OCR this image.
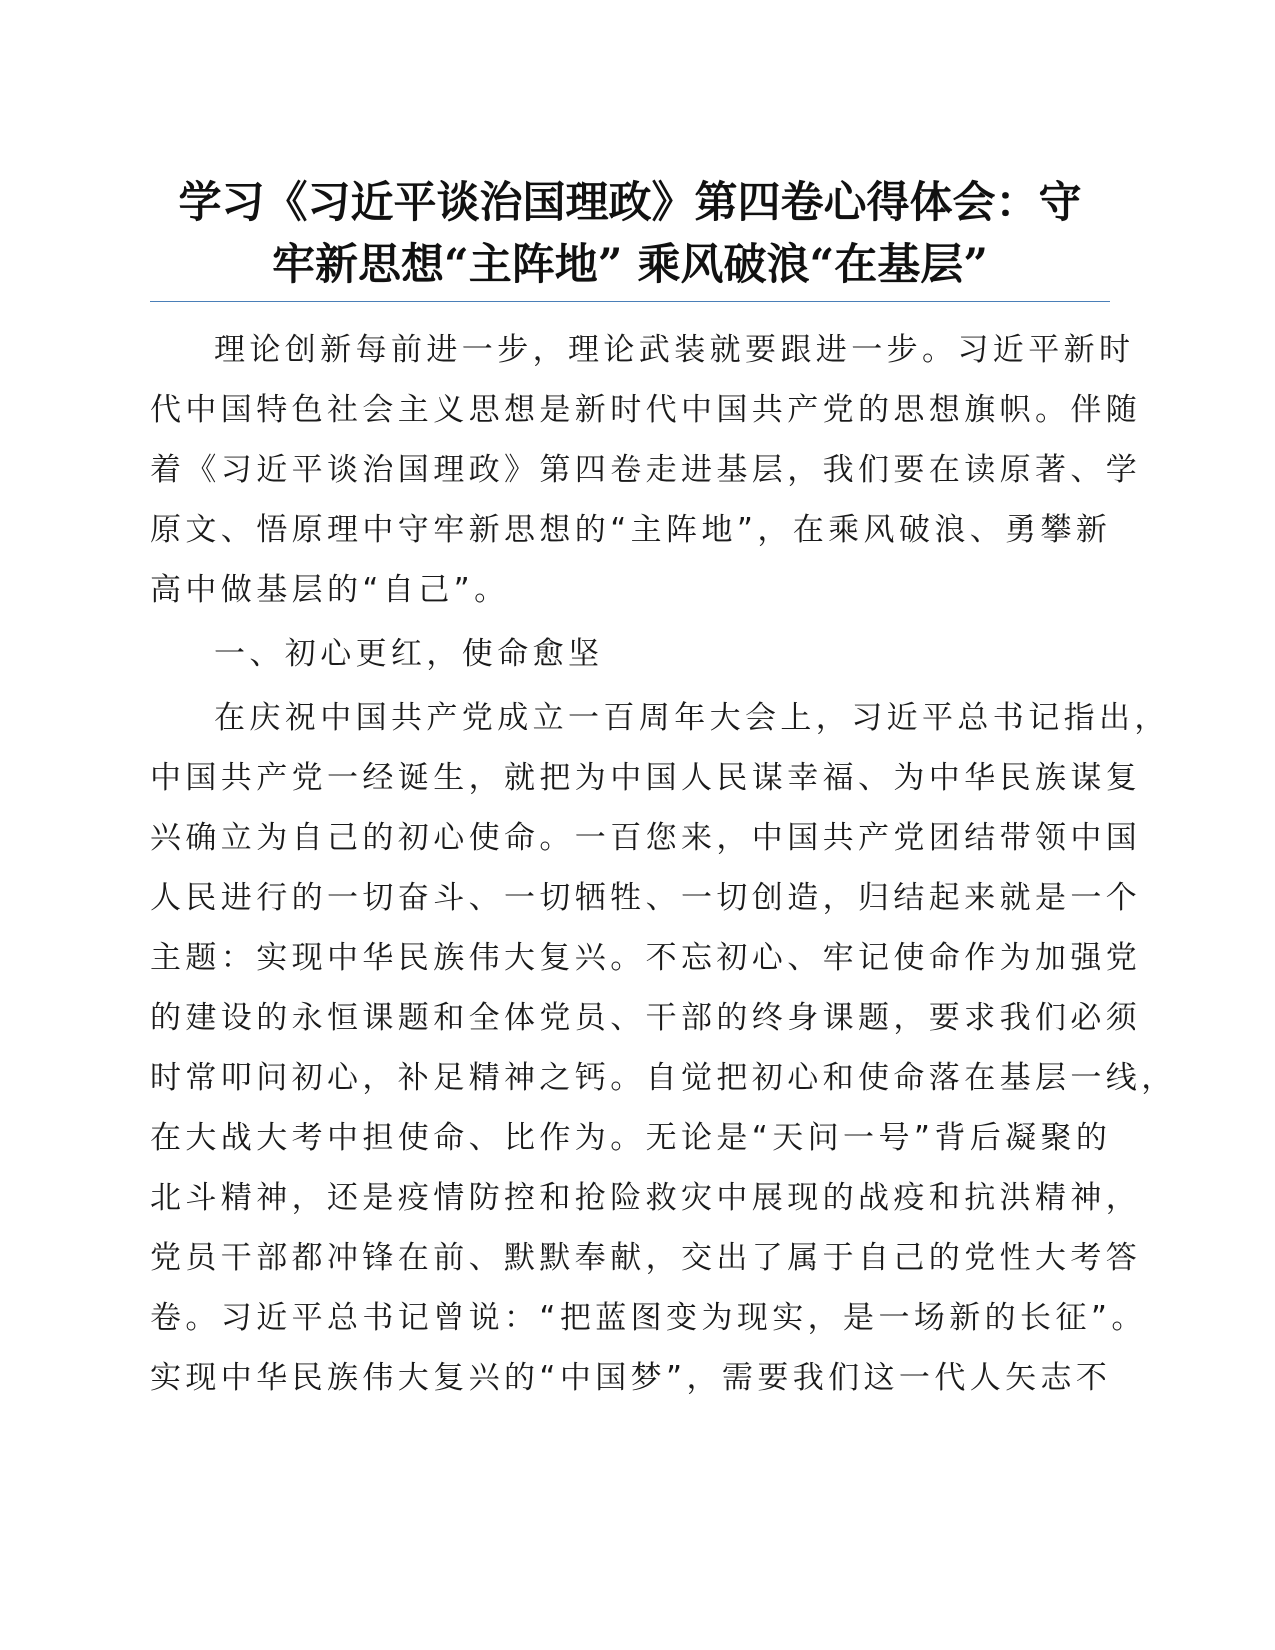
学习《习近平谈治国理政》第四卷心得体会：守
牢新思想“主阵地” 乘风破浪“在基层”
理论创新每前进一步，理论武装就要跟进一步。习近平新时
代中国特色社会主义思想是新时代中国共产党的思想旗帜。伴随
着《习近平谈治国理政》第四卷走进基层，我们要在读原著、学
原文、悟原理中守牢新思想的“主阵地”，在乘风破浪、勇攀新
高中做基层的“自己”。
一、初心更红，使命愈坚
在庆祝中国共产党成立一百周年大会上，习近平总书记指出，
中国共产党一经诞生，就把为中国人民谋幸福、为中华民族谋复
兴确立为自己的初心使命。一百您来，中国共产党团结带领中国
人民进行的一切奋斗、一切牺牲、一切创造，归结起来就是一个
主题：实现中华民族伟大复兴。不忘初心、牢记使命作为加强党
的建设的永恒课题和全体党员、干部的终身课题，要求我们必须
时常叩问初心，补足精神之钙。自觉把初心和使命落在基层一线，
在大战大考中担使命、比作为。无论是“天问一号”背后凝聚的
北斗精神，还是疫情防控和抢险救灾中展现的战疫和抗洪精神，
党员干部都冲锋在前、默默奉献，交出了属于自己的党性大考答
卷。习近平总书记曾说：“把蓝图变为现实，是一场新的长征”。
实现中华民族伟大复兴的“中国梦”，需要我们这一代人矢志不
